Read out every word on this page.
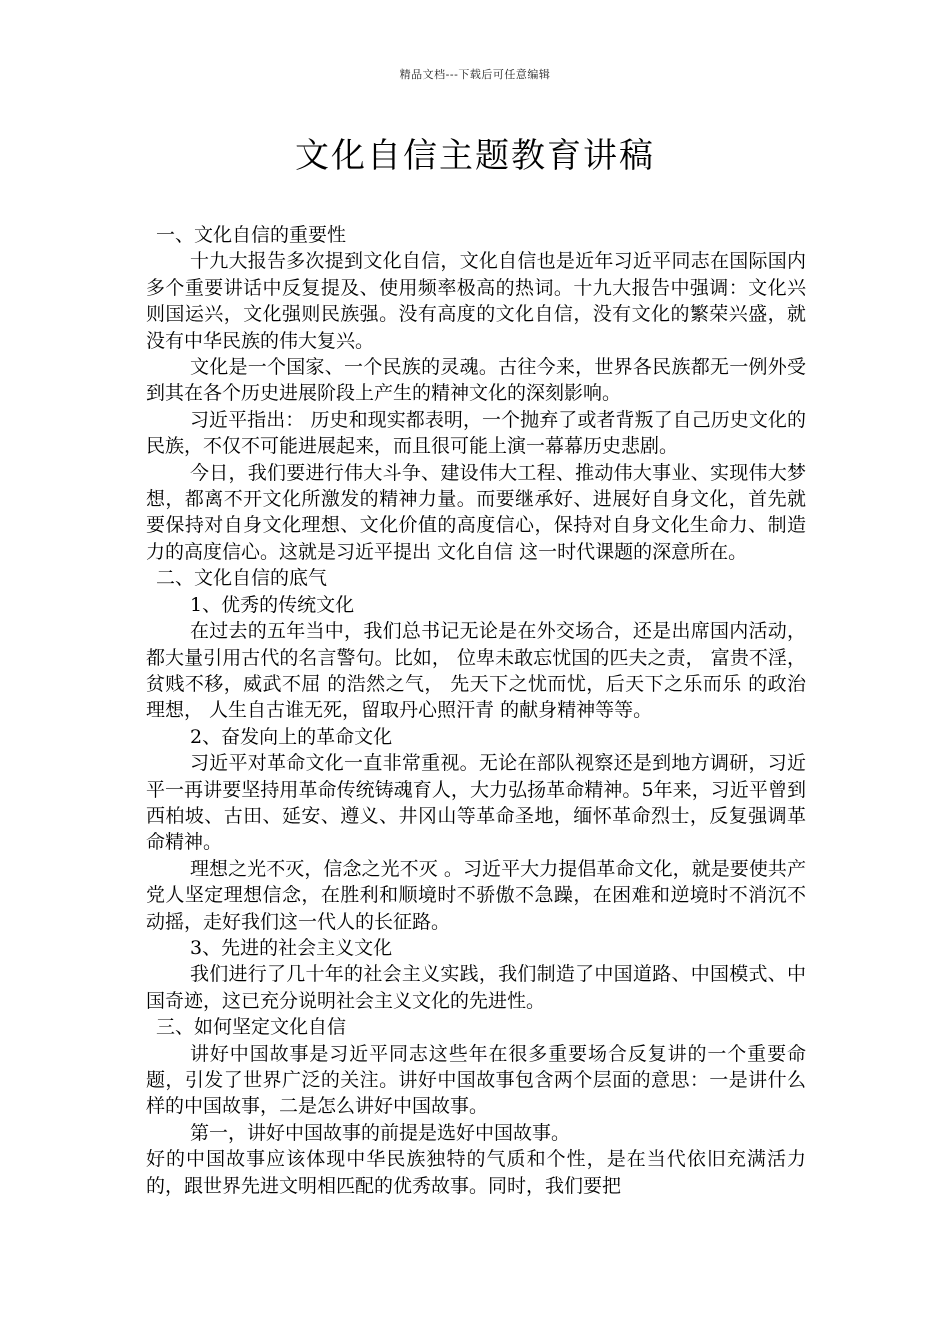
精品文档---下载后可任意编辑
文化自信主题教育讲稿

一、文化自信的重要性

十九大报告多次提到文化自信，文化自信也是近年习近平同志在国际国内多个重要讲话中反复提及、使用频率极高的热词。十九大报告中强调：文化兴则国运兴，文化强则民族强。没有高度的文化自信，没有文化的繁荣兴盛，就没有中华民族的伟大复兴。

文化是一个国家、一个民族的灵魂。古往今来，世界各民族都无一例外受到其在各个历史进展阶段上产生的精神文化的深刻影响。

习近平指出： 历史和现实都表明，一个抛弃了或者背叛了自己历史文化的民族，不仅不可能进展起来，而且很可能上演一幕幕历史悲剧。

今日，我们要进行伟大斗争、建设伟大工程、推动伟大事业、实现伟大梦想，都离不开文化所激发的精神力量。而要继承好、进展好自身文化，首先就要保持对自身文化理想、文化价值的高度信心，保持对自身文化生命力、制造力的高度信心。这就是习近平提出 文化自信 这一时代课题的深意所在。

二、文化自信的底气

1、优秀的传统文化

在过去的五年当中，我们总书记无论是在外交场合，还是出席国内活动，都大量引用古代的名言警句。比如， 位卑未敢忘忧国的匹夫之责， 富贵不淫，贫贱不移，威武不屈 的浩然之气， 先天下之忧而忧，后天下之乐而乐 的政治理想， 人生自古谁无死，留取丹心照汗青 的献身精神等等。

2、奋发向上的革命文化

习近平对革命文化一直非常重视。无论在部队视察还是到地方调研，习近平一再讲要坚持用革命传统铸魂育人，大力弘扬革命精神。5年来，习近平曾到西柏坡、古田、延安、遵义、井冈山等革命圣地，缅怀革命烈士，反复强调革命精神。

理想之光不灭，信念之光不灭 。习近平大力提倡革命文化，就是要使共产党人坚定理想信念，在胜利和顺境时不骄傲不急躁，在困难和逆境时不消沉不动摇，走好我们这一代人的长征路。

3、先进的社会主义文化

我们进行了几十年的社会主义实践，我们制造了中国道路、中国模式、中国奇迹，这已充分说明社会主义文化的先进性。

三、如何坚定文化自信

讲好中国故事是习近平同志这些年在很多重要场合反复讲的一个重要命题，引发了世界广泛的关注。讲好中国故事包含两个层面的意思：一是讲什么样的中国故事，二是怎么讲好中国故事。

第一，讲好中国故事的前提是选好中国故事。

好的中国故事应该体现中华民族独特的气质和个性，是在当代依旧充满活力的，跟世界先进文明相匹配的优秀故事。同时，我们要把
